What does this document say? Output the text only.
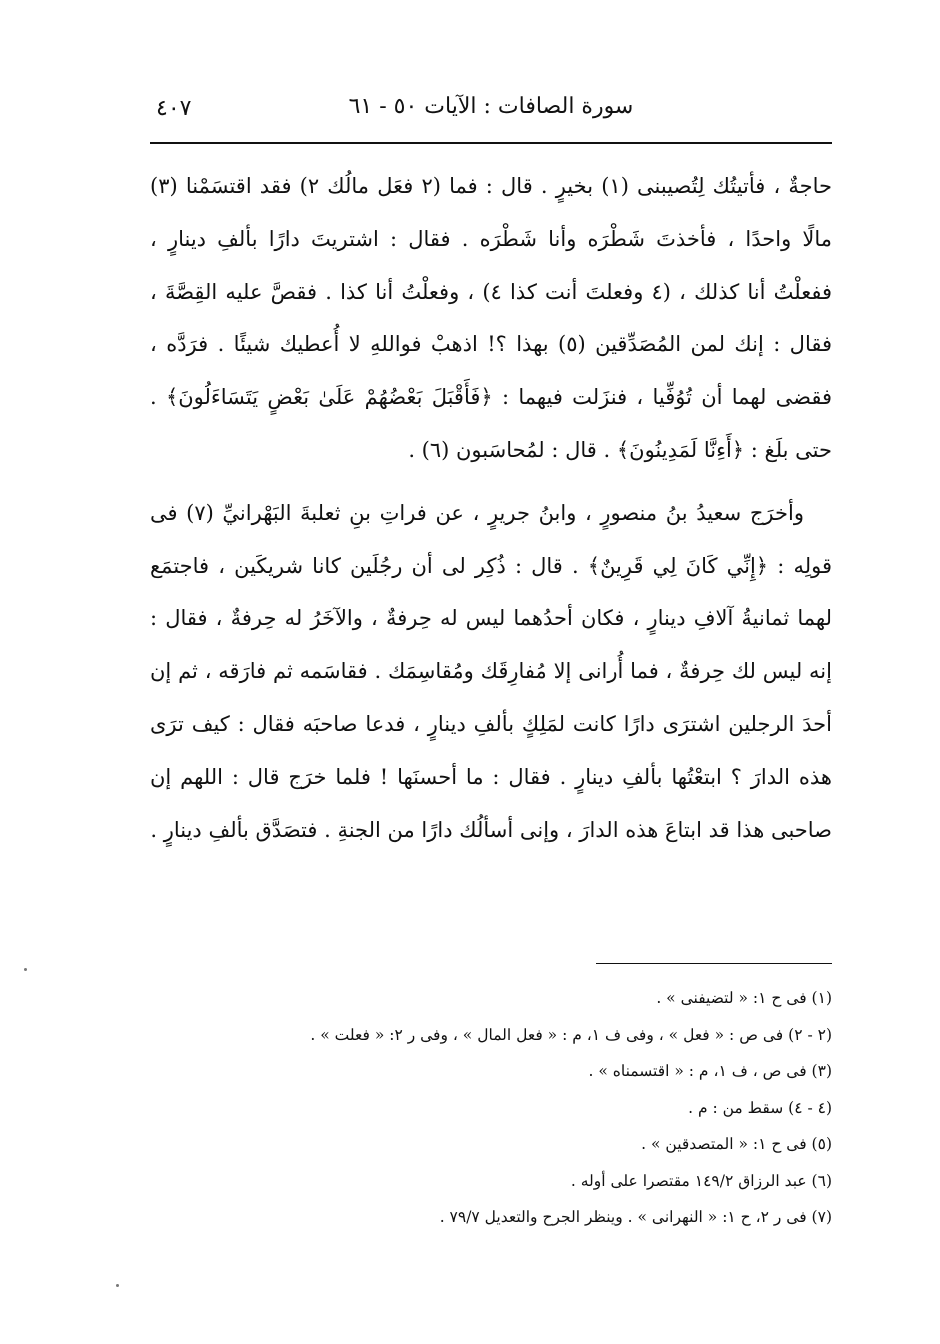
٤٠٧	سورة الصافات : الآيات ٥٠ - ٦١

حاجةٌ ، فأتيتُك لِتُصيبنى (١) بخيرٍ . قال : فما (٢ فعَل مالُك ٢) فقد اقتسَمْنا (٣) مالًا واحدًا ، فأخذتَ شَطْرَه وأنا شَطْرَه . فقال : اشتريتَ دارًا بألفِ دينارٍ ، ففعلْتُ أنا كذلك ، (٤ وفعلتَ أنت كذا ٤) ، وفعلْتُ أنا كذا . فقصَّ عليه القِصَّةَ ، فقال : إنك لمن المُصَدِّقين (٥) بهذا ؟! اذهبْ فواللهِ لا أُعطيك شيئًا . فرَدَّه ، فقضى لهما أن تُوُفِّيا ، فنزَلت فيهما : ﴿فَأَقْبَلَ بَعْضُهُمْ عَلَىٰ بَعْضٍ يَتَسَاءَلُونَ﴾ . حتى بلَغ : ﴿أَءِنَّا لَمَدِينُونَ﴾ . قال : لمُحاسَبون (٦) .

وأخرَج سعيدُ بنُ منصورٍ ، وابنُ جريرٍ ، عن فراتِ بنِ ثعلبةَ البَهْرانيِّ (٧) فى قولِه : ﴿إِنِّي كَانَ لِي قَرِينٌ﴾ . قال : ذُكِر لى أن رجُلَين كانا شريكَين ، فاجتمَع لهما ثمانيةُ آلافِ دينارٍ ، فكان أحدُهما ليس له حِرفةٌ ، والآخَرُ له حِرفةٌ ، فقال : إنه ليس لك حِرفةٌ ، فما أُرانى إلا مُفارِقَك ومُقاسِمَك . فقاسَمه ثم فارَقه ، ثم إن أحدَ الرجلين اشترَى دارًا كانت لمَلِكٍ بألفِ دينارٍ ، فدعا صاحبَه فقال : كيف ترَى هذه الدارَ ؟ ابتعْتُها بألفِ دينارٍ . فقال : ما أحسنَها ! فلما خرَج قال : اللهم إن صاحبى هذا قد ابتاعَ هذه الدارَ ، وإنى أسألُك دارًا من الجنةِ . فتصَدَّق بألفِ دينارٍ .

(١) فى ح ١: « لتضيفنى » .

(٢ - ٢) فى ص : « فعل » ، وفى ف ١، م : « فعل المال » ، وفى ر ٢: « فعلت » .

(٣) فى ص ، ف ١، م : « اقتسمناه » .

(٤ - ٤) سقط من : م .

(٥) فى ح ١: « المتصدقين » .

(٦) عبد الرزاق ١٤٩/٢ مقتصرا على أوله .

(٧) فى ر ٢، ح ١: « النهرانى » . وينظر الجرح والتعديل ٧٩/٧ .
